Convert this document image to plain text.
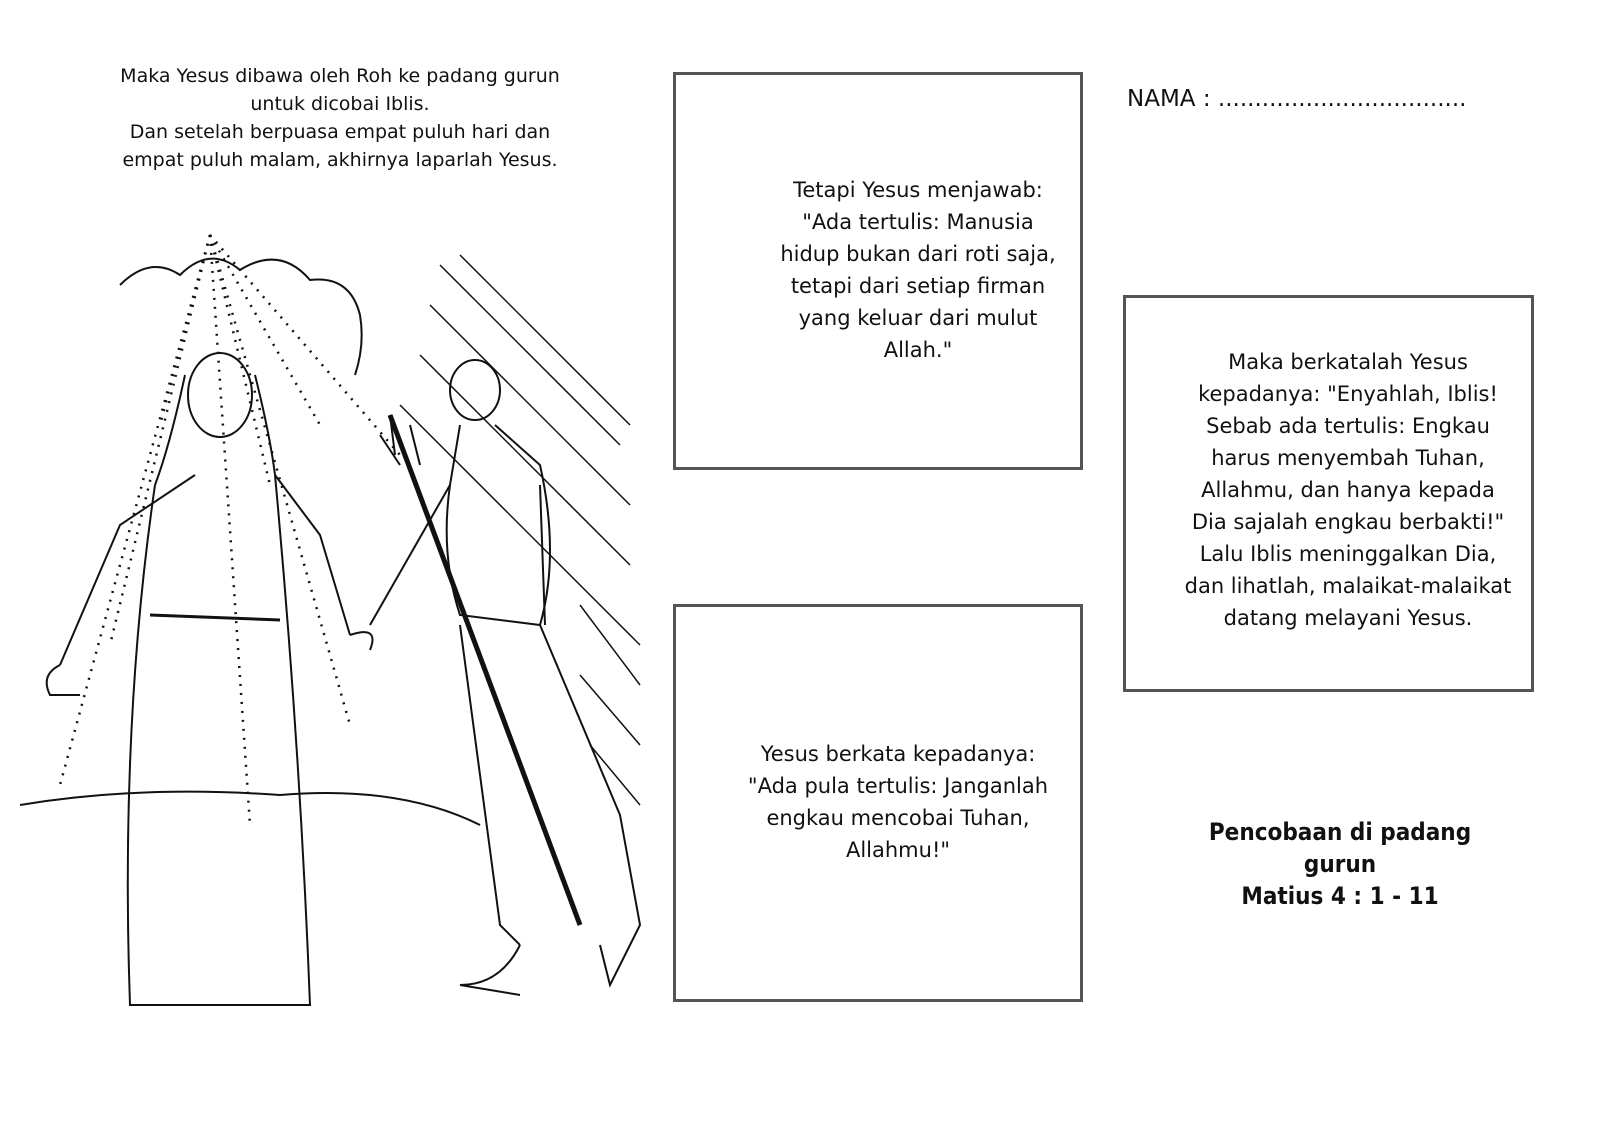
Maka Yesus dibawa oleh Roh ke padang gurun
untuk dicobai Iblis.
Dan setelah berpuasa empat puluh hari dan
empat puluh malam, akhirnya laparlah Yesus.
Tetapi Yesus menjawab:
"Ada tertulis: Manusia
hidup bukan dari roti saja,
tetapi dari setiap firman
yang keluar dari mulut
Allah."
Yesus berkata kepadanya:
"Ada pula tertulis: Janganlah
engkau mencobai Tuhan,
Allahmu!"
Maka berkatalah Yesus
kepadanya: "Enyahlah, Iblis!
Sebab ada tertulis: Engkau
harus menyembah Tuhan,
Allahmu, dan hanya kepada
Dia sajalah engkau berbakti!"
Lalu Iblis meninggalkan Dia,
dan lihatlah, malaikat-malaikat
datang melayani Yesus.
NAMA : ..................................
Pencobaan di padang gurun
Matius 4 : 1 - 11
